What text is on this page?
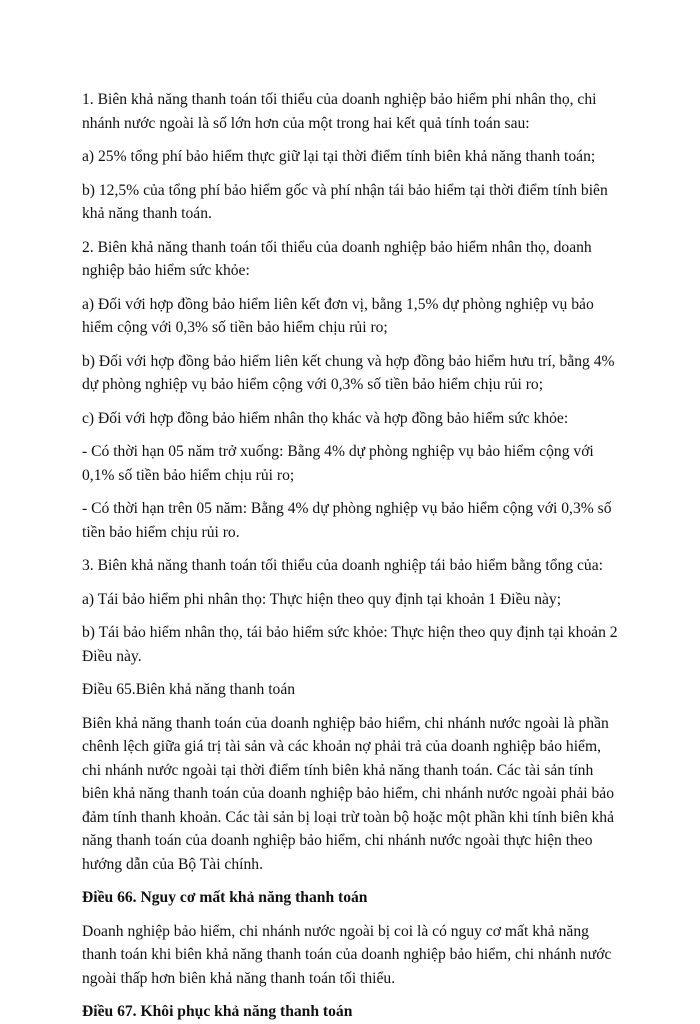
1. Biên khả năng thanh toán tối thiểu của doanh nghiệp bảo hiểm phi nhân thọ, chi nhánh nước ngoài là số lớn hơn của một trong hai kết quả tính toán sau:

a) 25% tổng phí bảo hiểm thực giữ lại tại thời điểm tính biên khả năng thanh toán;

b) 12,5% của tổng phí bảo hiểm gốc và phí nhận tái bảo hiểm tại thời điểm tính biên khả năng thanh toán.

2. Biên khả năng thanh toán tối thiểu của doanh nghiệp bảo hiểm nhân thọ, doanh nghiệp bảo hiểm sức khỏe:

a) Đối với hợp đồng bảo hiểm liên kết đơn vị, bằng 1,5% dự phòng nghiệp vụ bảo hiểm cộng với 0,3% số tiền bảo hiểm chịu rủi ro;

b) Đối với hợp đồng bảo hiểm liên kết chung và hợp đồng bảo hiểm hưu trí, bằng 4% dự phòng nghiệp vụ bảo hiểm cộng với 0,3% số tiền bảo hiểm chịu rủi ro;

c) Đối với hợp đồng bảo hiểm nhân thọ khác và hợp đồng bảo hiểm sức khỏe:

- Có thời hạn 05 năm trở xuống: Bằng 4% dự phòng nghiệp vụ bảo hiểm cộng với 0,1% số tiền bảo hiểm chịu rủi ro;

- Có thời hạn trên 05 năm: Bằng 4% dự phòng nghiệp vụ bảo hiểm cộng với 0,3% số tiền bảo hiểm chịu rủi ro.

3. Biên khả năng thanh toán tối thiểu của doanh nghiệp tái bảo hiểm bằng tổng của:

a) Tái bảo hiểm phi nhân thọ: Thực hiện theo quy định tại khoản 1 Điều này;

b) Tái bảo hiểm nhân thọ, tái bảo hiểm sức khỏe: Thực hiện theo quy định tại khoản 2 Điều này.

Điều 65.Biên khả năng thanh toán

Biên khả năng thanh toán của doanh nghiệp bảo hiểm, chi nhánh nước ngoài là phần chênh lệch giữa giá trị tài sản và các khoản nợ phải trả của doanh nghiệp bảo hiểm, chi nhánh nước ngoài tại thời điểm tính biên khả năng thanh toán. Các tài sản tính biên khả năng thanh toán của doanh nghiệp bảo hiểm, chi nhánh nước ngoài phải bảo đảm tính thanh khoản. Các tài sản bị loại trừ toàn bộ hoặc một phần khi tính biên khả năng thanh toán của doanh nghiệp bảo hiểm, chi nhánh nước ngoài thực hiện theo hướng dẫn của Bộ Tài chính.

Điều 66. Nguy cơ mất khả năng thanh toán

Doanh nghiệp bảo hiểm, chi nhánh nước ngoài bị coi là có nguy cơ mất khả năng thanh toán khi biên khả năng thanh toán của doanh nghiệp bảo hiểm, chi nhánh nước ngoài thấp hơn biên khả năng thanh toán tối thiểu.

Điều 67. Khôi phục khả năng thanh toán
